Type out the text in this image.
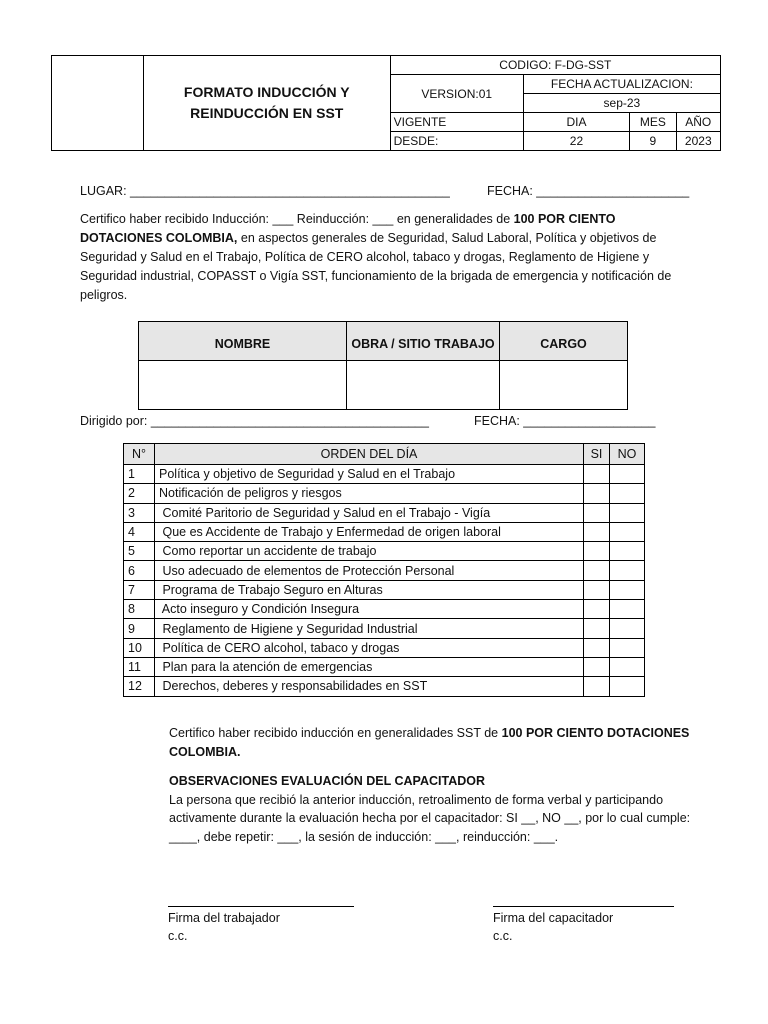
	FORMATO INDUCCIÓN Y
REINDUCCIÓN EN SST	CODIGO: F-DG-SST			
		VERSION:01	FECHA ACTUALIZACION:		
			sep-23		
		VIGENTE	DIA	MES	AÑO
		DESDE:	22	9	2023
LUGAR: ______________________________________________	FECHA: ______________________
Certifico haber recibido Inducción: ___ Reinducción: ___ en generalidades de 100 POR CIENTO DOTACIONES COLOMBIA, en aspectos generales de Seguridad, Salud Laboral, Política y objetivos de Seguridad y Salud en el Trabajo, Política de CERO alcohol, tabaco y drogas, Reglamento de Higiene y Seguridad industrial, COPASST o Vigía SST, funcionamiento de la brigada de emergencia y notificación de peligros.
NOMBRE	OBRA / SITIO TRABAJO	CARGO

Dirigido por: ________________________________________	FECHA: ___________________
N°	ORDEN DEL DÍA	SI	NO
1	Política y objetivo de Seguridad y Salud en el Trabajo		
2	Notificación de peligros y riesgos		
3	Comité Paritorio de Seguridad y Salud en el Trabajo - Vigía		
4	Que es Accidente de Trabajo y Enfermedad de origen laboral		
5	Como reportar un accidente de trabajo		
6	Uso adecuado de elementos de Protección Personal		
7	Programa de Trabajo Seguro en Alturas		
8	Acto inseguro y Condición Insegura		
9	Reglamento de Higiene y Seguridad Industrial		
10	Política de CERO alcohol, tabaco y drogas		
11	Plan para la atención de emergencias		
12	Derechos, deberes y responsabilidades en SST		
Certifico haber recibido inducción en generalidades SST de 100 POR CIENTO DOTACIONES COLOMBIA.
OBSERVACIONES EVALUACIÓN DEL CAPACITADOR
La persona que recibió la anterior inducción, retroalimento de forma verbal y participando activamente durante la evaluación hecha por el capacitador: SI __, NO __, por lo cual cumple: ____, debe repetir: ___, la sesión de inducción: ___, reinducción: ___.
Firma del trabajador
c.c.
Firma del capacitador
c.c.
